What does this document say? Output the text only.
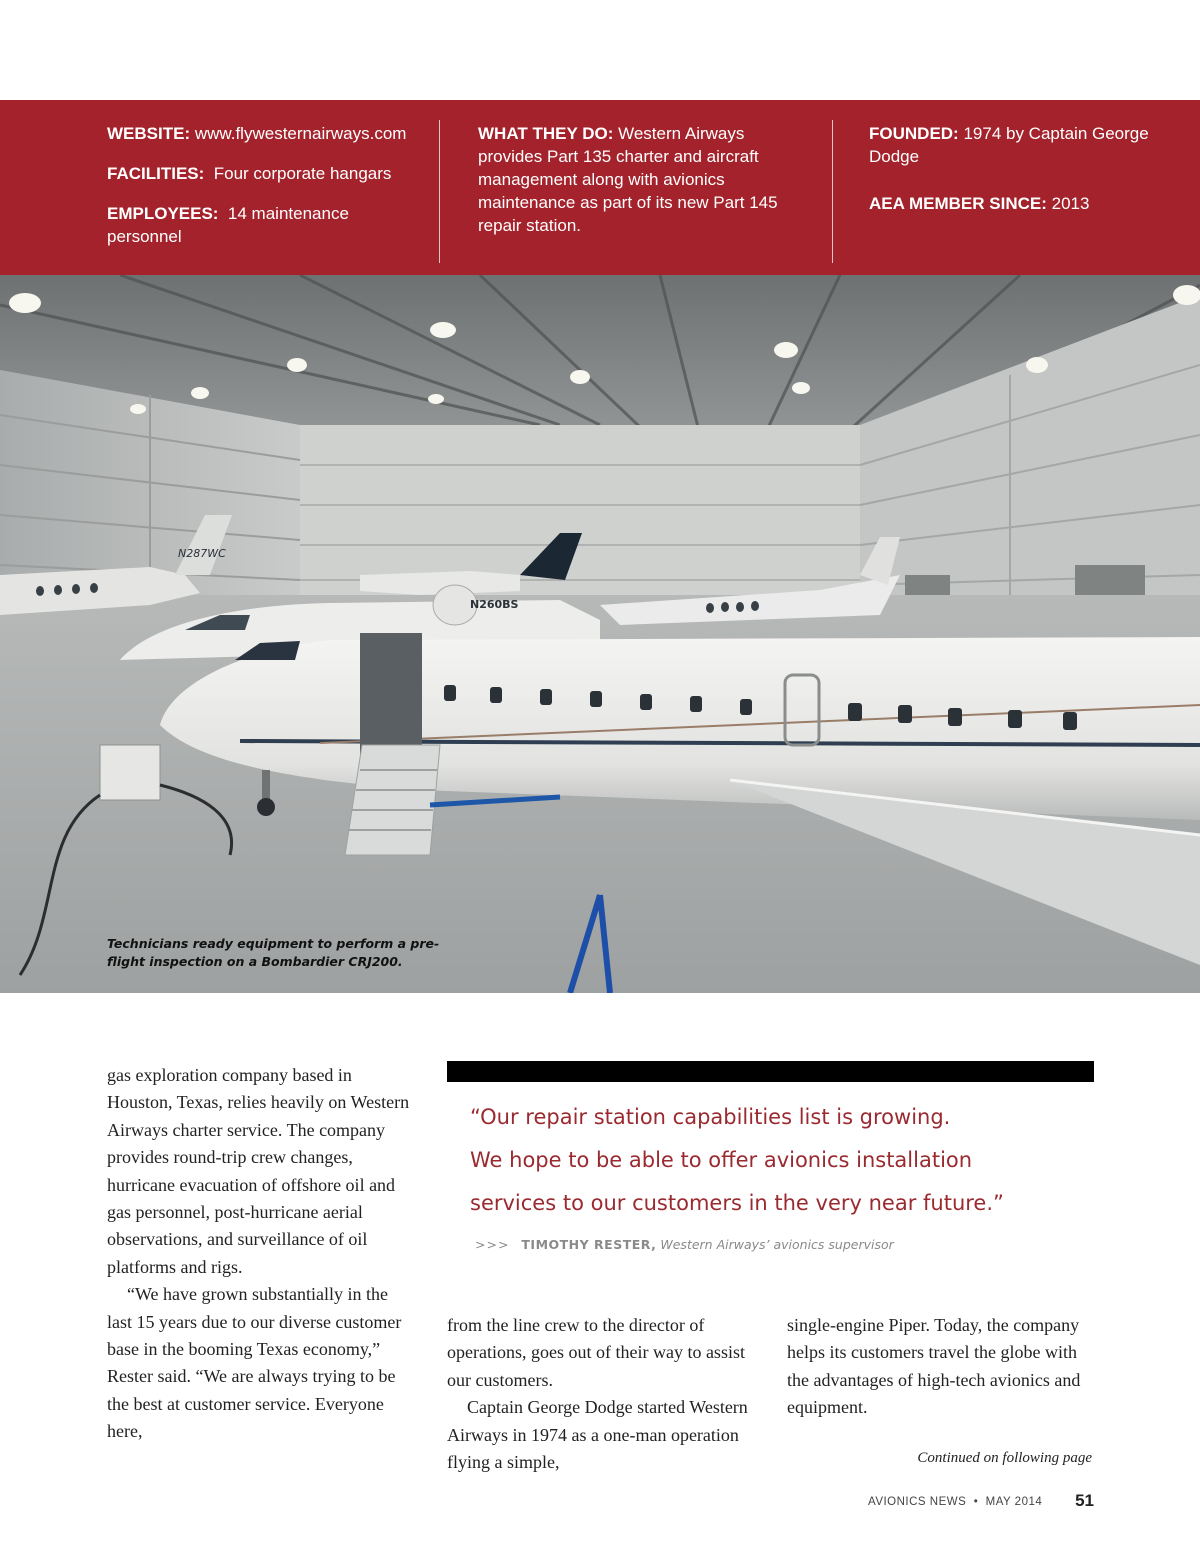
WEBSITE: www.flywesternairways.com

FACILITIES: Four corporate hangars

EMPLOYEES: 14 maintenance personnel

WHAT THEY DO: Western Airways provides Part 135 charter and aircraft management along with avionics maintenance as part of its new Part 145 repair station.

FOUNDED: 1974 by Captain George Dodge

AEA MEMBER SINCE: 2013

N287WC
N260BS
Technicians ready equipment to perform a pre-flight inspection on a Bombardier CRJ200.

gas exploration company based in Houston, Texas, relies heavily on Western Airways charter service. The company provides round-trip crew changes, hurricane evacuation of offshore oil and gas personnel, post-hurricane aerial observations, and surveillance of oil platforms and rigs.

“We have grown substantially in the last 15 years due to our diverse customer base in the booming Texas economy,” Rester said. “We are always trying to be the best at customer service. Everyone here,

“Our repair station capabilities list is growing.

We hope to be able to offer avionics installation

services to our customers in the very near future.”

>>> TIMOTHY RESTER, Western Airways’ avionics supervisor

from the line crew to the director of operations, goes out of their way to assist our customers.

Captain George Dodge started Western Airways in 1974 as a one-man operation flying a simple,

single-engine Piper. Today, the company helps its customers travel the globe with the advantages of high-tech avionics and equipment.

Continued on following page
AVIONICS NEWS • MAY 2014 51
